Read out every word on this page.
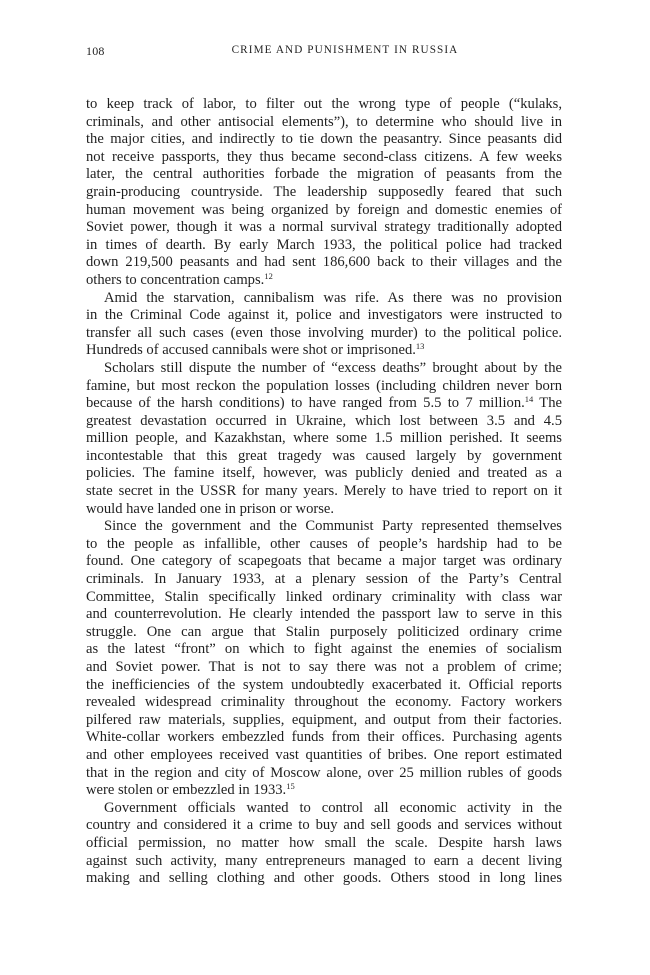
108	CRIME AND PUNISHMENT IN RUSSIA
to keep track of labor, to filter out the wrong type of people (“kulaks,
criminals, and other antisocial elements”), to determine who should live in
the major cities, and indirectly to tie down the peasantry. Since peasants did
not receive passports, they thus became second-class citizens. A few weeks
later, the central authorities forbade the migration of peasants from the
grain-producing countryside. The leadership supposedly feared that such
human movement was being organized by foreign and domestic enemies of
Soviet power, though it was a normal survival strategy traditionally adopted
in times of dearth. By early March 1933, the political police had tracked
down 219,500 peasants and had sent 186,600 back to their villages and the
others to concentration camps.$^{12}$
Amid the starvation, cannibalism was rife. As there was no provision
in the Criminal Code against it, police and investigators were instructed to
transfer all such cases (even those involving murder) to the political police.
Hundreds of accused cannibals were shot or imprisoned.$^{13}$
Scholars still dispute the number of “excess deaths” brought about by the
famine, but most reckon the population losses (including children never born
because of the harsh conditions) to have ranged from 5.5 to 7 million.$^{14}$ The
greatest devastation occurred in Ukraine, which lost between 3.5 and 4.5
million people, and Kazakhstan, where some 1.5 million perished. It seems
incontestable that this great tragedy was caused largely by government
policies. The famine itself, however, was publicly denied and treated as a
state secret in the USSR for many years. Merely to have tried to report on it
would have landed one in prison or worse.
Since the government and the Communist Party represented themselves
to the people as infallible, other causes of people’s hardship had to be
found. One category of scapegoats that became a major target was ordinary
criminals. In January 1933, at a plenary session of the Party’s Central
Committee, Stalin specifically linked ordinary criminality with class war
and counterrevolution. He clearly intended the passport law to serve in this
struggle. One can argue that Stalin purposely politicized ordinary crime
as the latest “front” on which to fight against the enemies of socialism
and Soviet power. That is not to say there was not a problem of crime;
the inefficiencies of the system undoubtedly exacerbated it. Official reports
revealed widespread criminality throughout the economy. Factory workers
pilfered raw materials, supplies, equipment, and output from their factories.
White-collar workers embezzled funds from their offices. Purchasing agents
and other employees received vast quantities of bribes. One report estimated
that in the region and city of Moscow alone, over 25 million rubles of goods
were stolen or embezzled in 1933.15
Government officials wanted to control all economic activity in the
country and considered it a crime to buy and sell goods and services without
official permission, no matter how small the scale. Despite harsh laws
against such activity, many entrepreneurs managed to earn a decent living
making and selling clothing and other goods. Others stood in long lines
